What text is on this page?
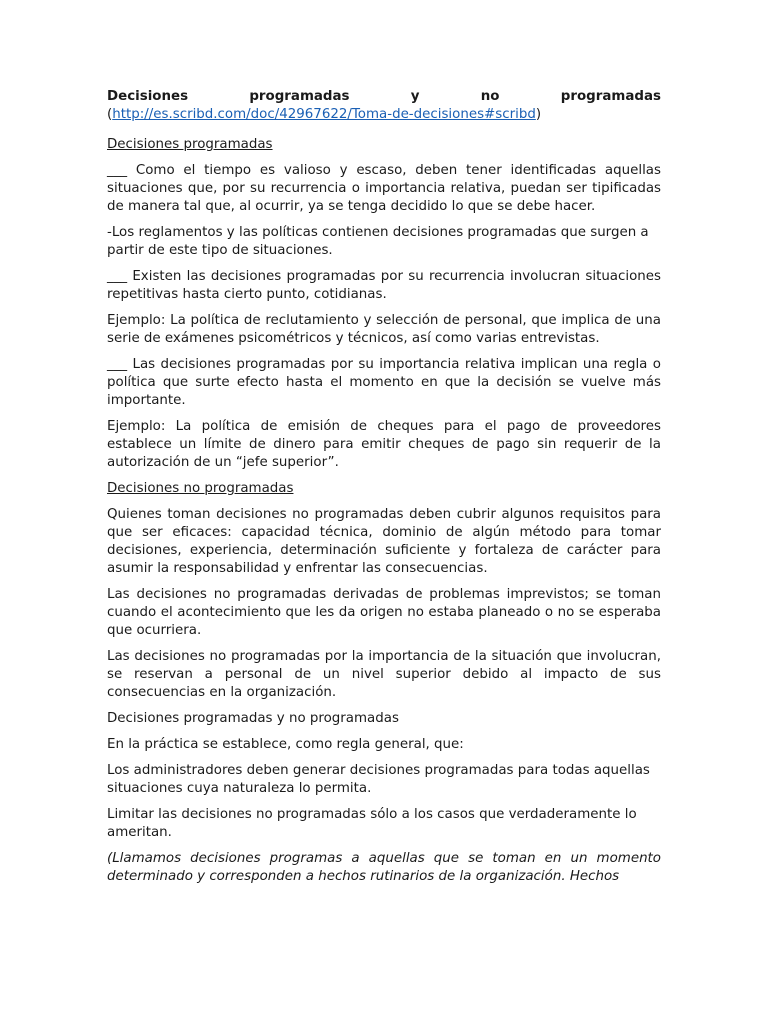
Decisiones	programadas	y	no	programadas
(http://es.scribd.com/doc/42967622/Toma-de-decisiones#scribd)
Decisiones programadas

___ Como el tiempo es valioso y escaso, deben tener identificadas aquellas situaciones que, por su recurrencia o importancia relativa, puedan ser tipificadas de manera tal que, al ocurrir, ya se tenga decidido lo que se debe hacer.

-Los reglamentos y las políticas contienen decisiones programadas que surgen a partir de este tipo de situaciones.

___ Existen las decisiones programadas por su recurrencia involucran situaciones repetitivas hasta cierto punto, cotidianas.

Ejemplo: La política de reclutamiento y selección de personal, que implica de una serie de exámenes psicométricos y técnicos, así como varias entrevistas.

___ Las decisiones programadas por su importancia relativa implican una regla o política que surte efecto hasta el momento en que la decisión se vuelve más importante.

Ejemplo: La política de emisión de cheques para el pago de proveedores establece un límite de dinero para emitir cheques de pago sin requerir de la autorización de un “jefe superior”.

Decisiones no programadas

Quienes toman decisiones no programadas deben cubrir algunos requisitos para que ser eficaces: capacidad técnica, dominio de algún método para tomar decisiones, experiencia, determinación suficiente y fortaleza de carácter para asumir la responsabilidad y enfrentar las consecuencias.

Las decisiones no programadas derivadas de problemas imprevistos; se toman cuando el acontecimiento que les da origen no estaba planeado o no se esperaba que ocurriera.

Las decisiones no programadas por la importancia de la situación que involucran, se reservan a personal de un nivel superior debido al impacto de sus consecuencias en la organización.

Decisiones programadas y no programadas

En la práctica se establece, como regla general, que:

Los administradores deben generar decisiones programadas para todas aquellas situaciones cuya naturaleza lo permita.

Limitar las decisiones no programadas sólo a los casos que verdaderamente lo ameritan.

(Llamamos decisiones programas a aquellas que se toman en un momento determinado y corresponden a hechos rutinarios de la organización. Hechos
